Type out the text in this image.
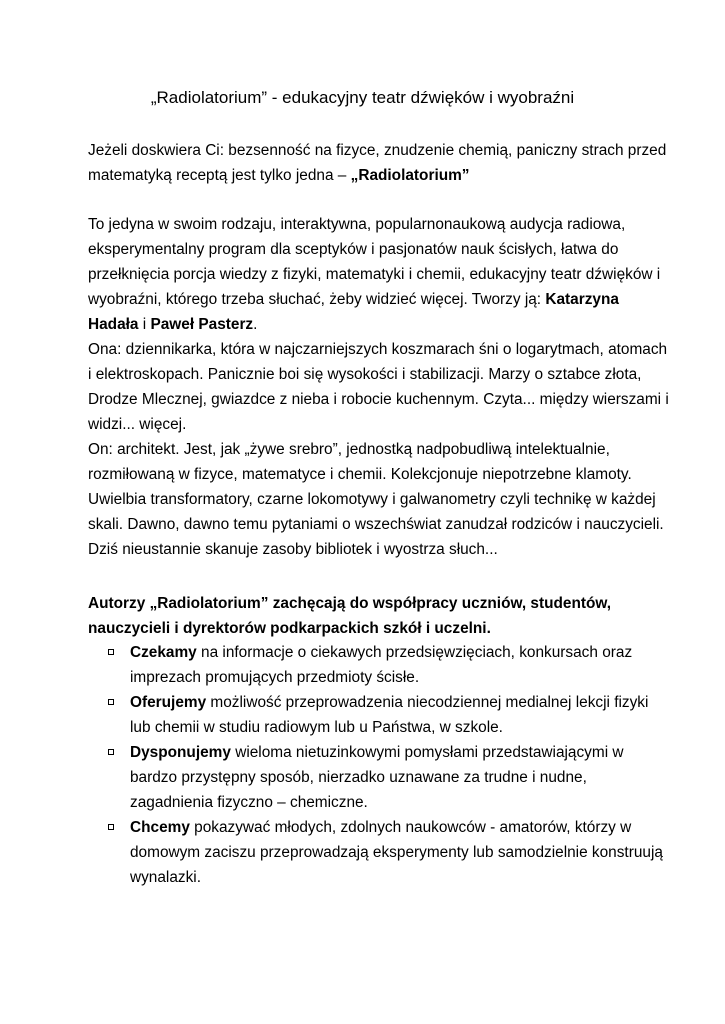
„Radiolatorium” - edukacyjny teatr dźwięków i wyobraźni
Jeżeli doskwiera Ci: bezsenność na fizyce, znudzenie chemią, paniczny strach przed
matematyką receptą jest tylko jedna – „Radiolatorium”
To jedyna w swoim rodzaju, interaktywna, popularnonaukową audycja radiowa,
eksperymentalny program dla sceptyków i pasjonatów nauk ścisłych, łatwa do
przełknięcia porcja wiedzy z fizyki, matematyki i chemii, edukacyjny teatr dźwięków i
wyobraźni, którego trzeba słuchać, żeby widzieć więcej. Tworzy ją: Katarzyna
Hadała i Paweł Pasterz.
Ona: dziennikarka, która w najczarniejszych koszmarach śni o logarytmach, atomach
i elektroskopach. Panicznie boi się wysokości i stabilizacji. Marzy o sztabce złota,
Drodze Mlecznej, gwiazdce z nieba i robocie kuchennym. Czyta... między wierszami i
widzi... więcej.
On: architekt. Jest, jak „żywe srebro”, jednostką nadpobudliwą intelektualnie,
rozmiłowaną w fizyce, matematyce i chemii. Kolekcjonuje niepotrzebne klamoty.
Uwielbia transformatory, czarne lokomotywy i galwanometry czyli technikę w każdej
skali. Dawno, dawno temu pytaniami o wszechświat zanudzał rodziców i nauczycieli.
Dziś nieustannie skanuje zasoby bibliotek i wyostrza słuch...
Autorzy „Radiolatorium” zachęcają do współpracy uczniów, studentów,
nauczycieli i dyrektorów podkarpackich szkół i uczelni.
Czekamy na informacje o ciekawych przedsięwzięciach, konkursach oraz
imprezach promujących przedmioty ścisłe.
Oferujemy możliwość przeprowadzenia niecodziennej medialnej lekcji fizyki
lub chemii w studiu radiowym lub u Państwa, w szkole.
Dysponujemy wieloma nietuzinkowymi pomysłami przedstawiającymi w
bardzo przystępny sposób, nierzadko uznawane za trudne i nudne,
zagadnienia fizyczno – chemiczne.
Chcemy pokazywać młodych, zdolnych naukowców - amatorów, którzy w
domowym zaciszu przeprowadzają eksperymenty lub samodzielnie konstruują
wynalazki.
